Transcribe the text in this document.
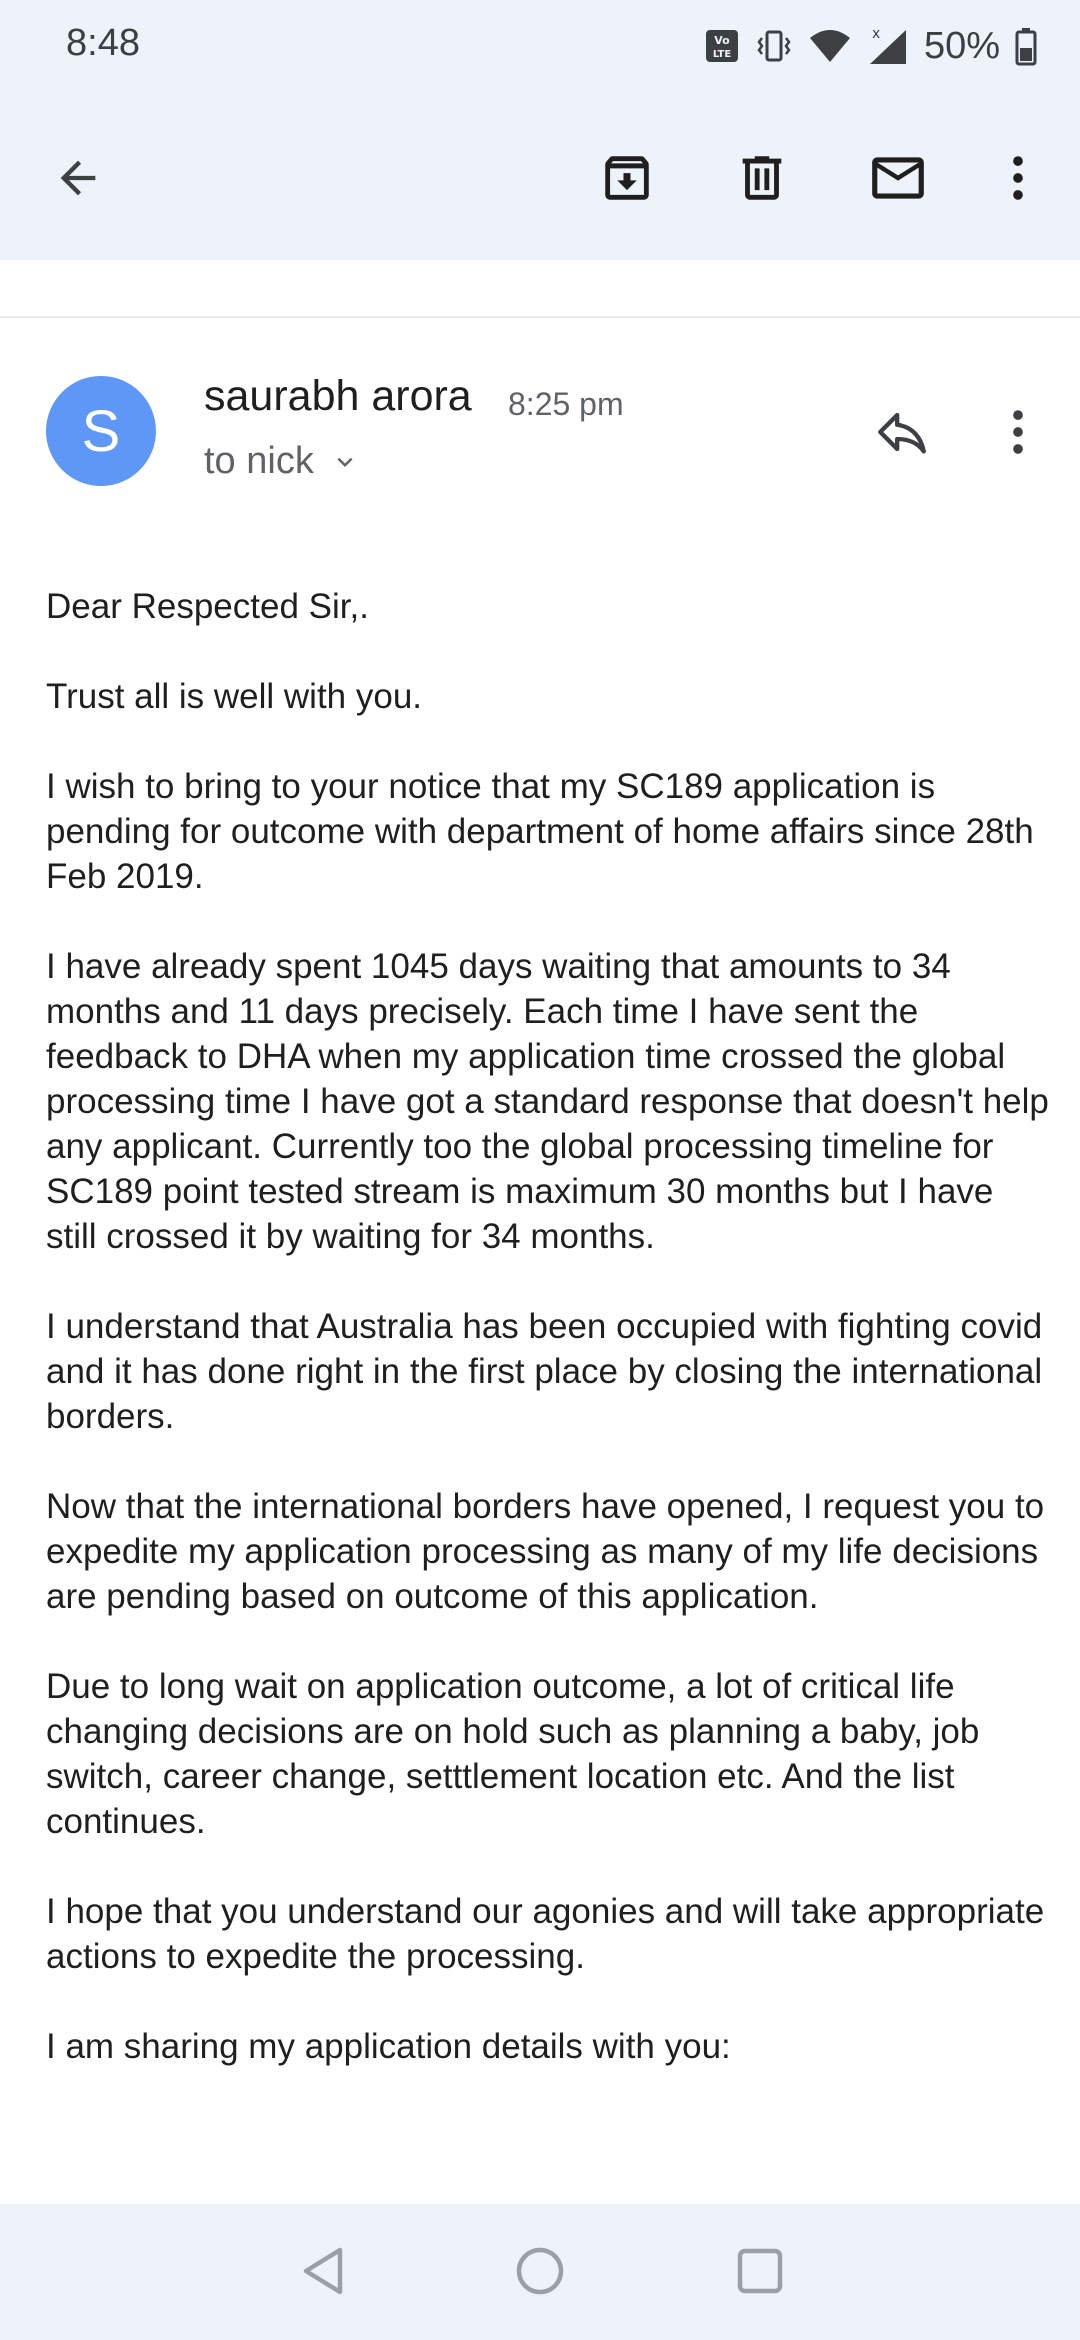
8:48	Vo
LTE
x 50%
S
saurabh arora 8:25 pm
to nick

Dear Respected Sir,.

Trust all is well with you.

I wish to bring to your notice that my SC189 application is pending for outcome with department of home affairs since 28th Feb 2019.

I have already spent 1045 days waiting that amounts to 34 months and 11 days precisely. Each time I have sent the feedback to DHA when my application time crossed the global processing time I have got a standard response that doesn't help any applicant. Currently too the global processing timeline for SC189 point tested stream is maximum 30 months but I have still crossed it by waiting for 34 months.

I understand that Australia has been occupied with fighting covid and it has done right in the first place by closing the international borders.

Now that the international borders have opened, I request you to expedite my application processing as many of my life decisions are pending based on outcome of this application.

Due to long wait on application outcome, a lot of critical life changing decisions are on hold such as planning a baby, job switch, career change, setttlement location etc. And the list continues.

I hope that you understand our agonies and will take appropriate actions to expedite the processing.

I am sharing my application details with you:
